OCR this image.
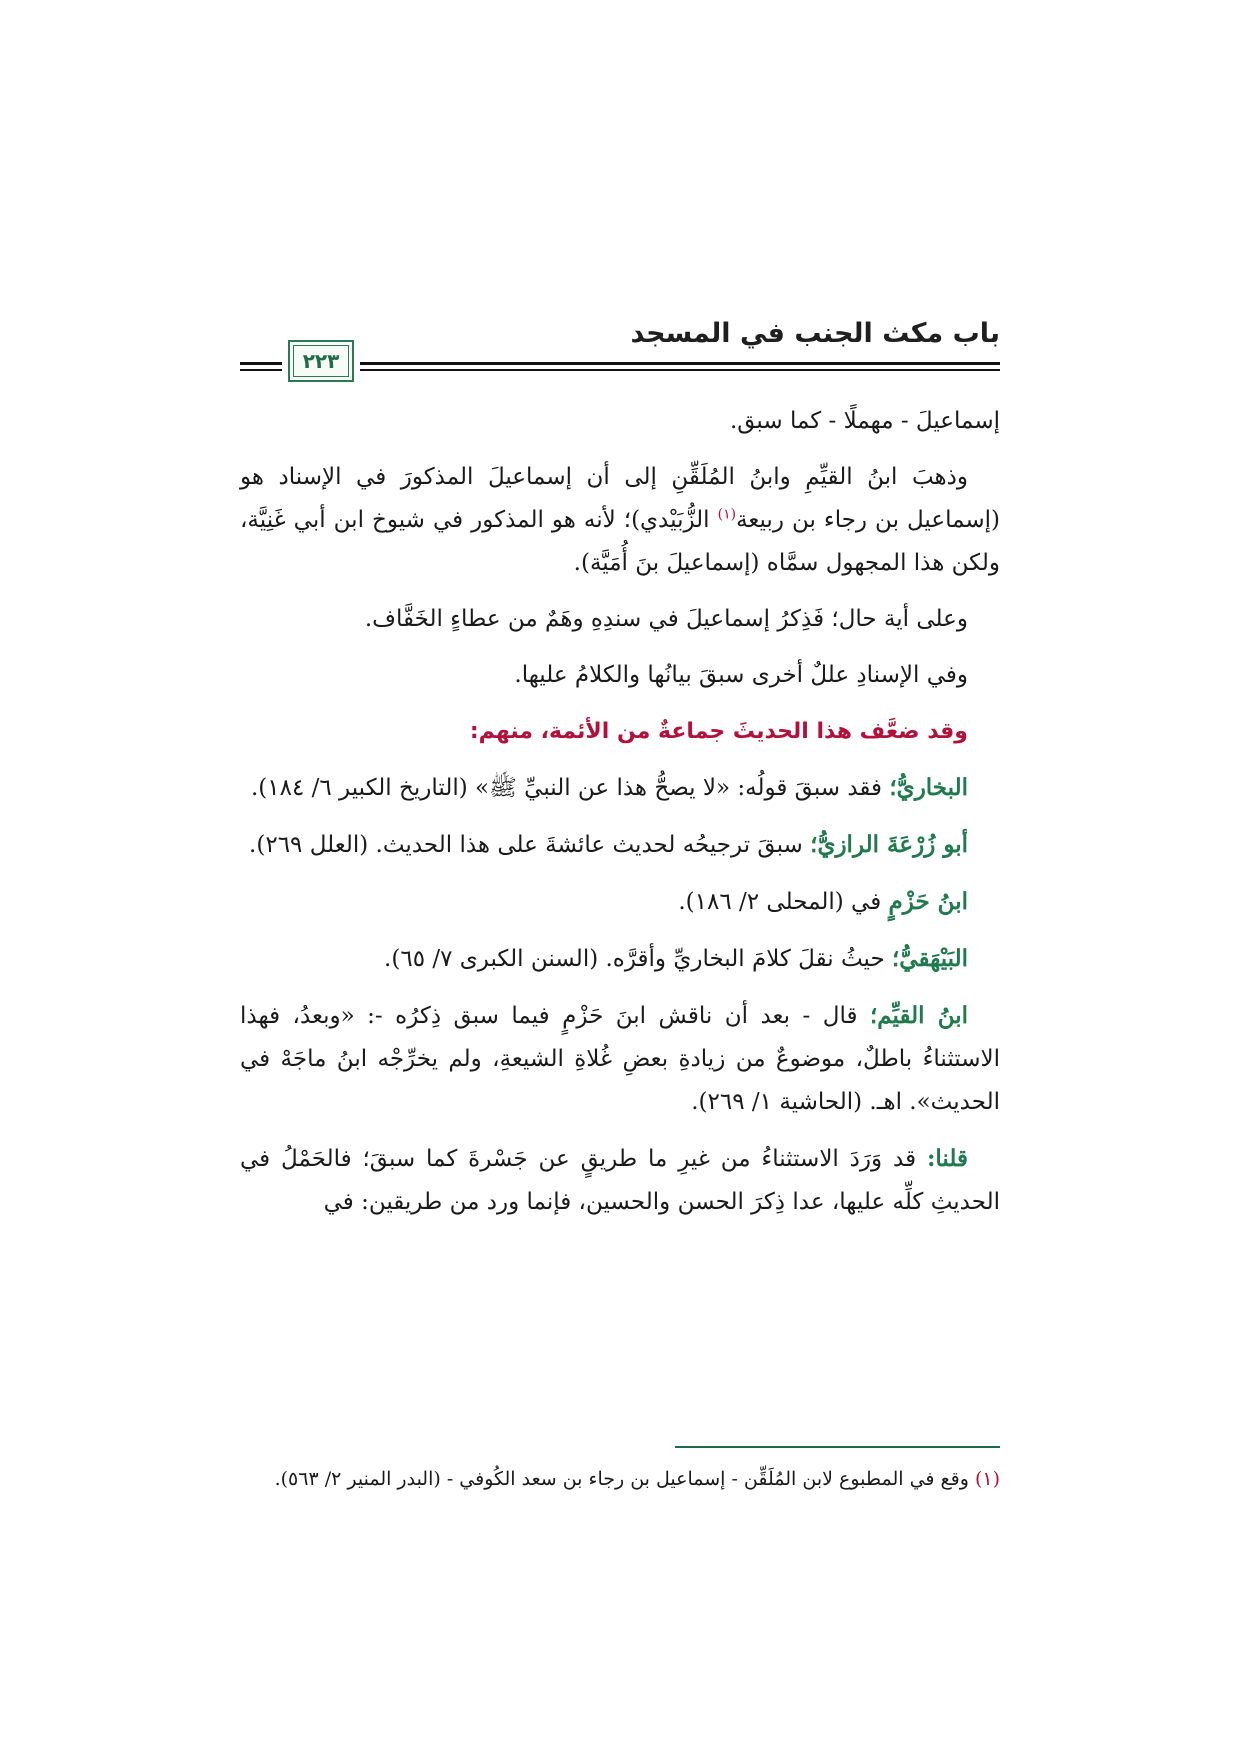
باب مكث الجنب في المسجد
٢٢٣

إسماعيلَ - مهملًا - كما سبق.

وذهبَ ابنُ القيِّمِ وابنُ المُلَقِّنِ إلى أن إسماعيلَ المذكورَ في الإسناد هو (إسماعيل بن رجاء بن ربيعة$^{(١)}$ الزُّبَيْدي)؛ لأنه هو المذكور في شيوخ ابن أبي غَنِيَّة، ولكن هذا المجهول سمَّاه (إسماعيلَ بنَ أُمَيَّة).

وعلى أية حال؛ فَذِكرُ إسماعيلَ في سندِهِ وهَمٌ من عطاءٍ الخَفَّاف.

وفي الإسنادِ عللٌ أخرى سبقَ بيانُها والكلامُ عليها.

وقد ضعَّف هذا الحديثَ جماعةٌ من الأئمة، منهم:

البخاريُّ؛ فقد سبقَ قولُه: «لا يصحُّ هذا عن النبيِّ ﷺ» (التاريخ الكبير ٦/ ١٨٤).

أبو زُرْعَةَ الرازيُّ؛ سبقَ ترجيحُه لحديث عائشةَ على هذا الحديث. (العلل ٢٦٩).

ابنُ حَزْمٍ في (المحلى ٢/ ١٨٦).

البَيْهَقيُّ؛ حيثُ نقلَ كلامَ البخاريِّ وأقرَّه. (السنن الكبرى ٧/ ٦٥).

ابنُ القيِّم؛ قال - بعد أن ناقش ابنَ حَزْمٍ فيما سبق ذِكرُه -: «وبعدُ، فهذا الاستثناءُ باطلٌ، موضوعٌ من زيادةِ بعضِ غُلاةِ الشيعةِ، ولم يخرِّجْه ابنُ ماجَهْ في الحديث». اهـ. (الحاشية ١/ ٢٦٩).

قلنا: قد وَرَدَ الاستثناءُ من غيرِ ما طريقٍ عن جَسْرةَ كما سبقَ؛ فالحَمْلُ في الحديثِ كلِّه عليها، عدا ذِكرَ الحسن والحسين، فإنما ورد من طريقين: في

(١) وقع في المطبوع لابن المُلَقِّن - إسماعيل بن رجاء بن سعد الكُوفي - (البدر المنير ٢/ ٥٦٣).
